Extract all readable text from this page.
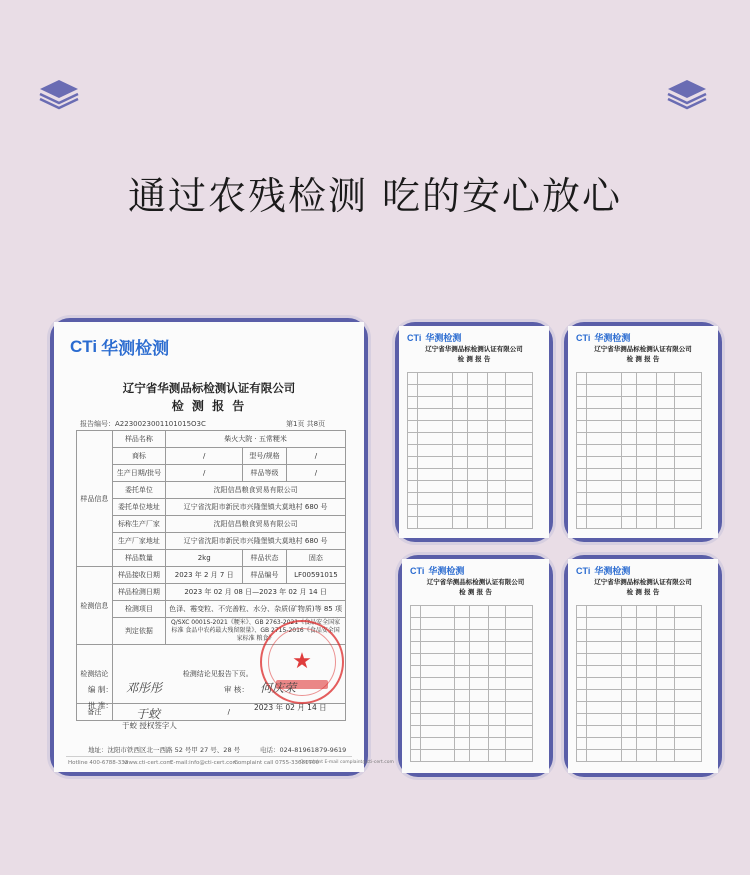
通过农残检测 吃的安心放心
CTi 华测检测
辽宁省华测品标检测认证有限公司
检 测 报 告
报告编号：A2230023001101015O3C	第1页 共8页
样品信息	样品名称	柴火大院 · 五常粳米		
	商标	/	型号/规格	/
	生产日期/批号	/	样品等级	/
	委托单位	沈阳信昌粮食贸易有限公司		
	委托单位地址	辽宁省沈阳市新民市兴隆堡镇大莫地村 680 号		
	标称生产厂家	沈阳信昌粮食贸易有限公司		
	生产厂家地址	辽宁省沈阳市新民市兴隆堡镇大莫地村 680 号		
	样品数量	2kg	样品状态	固态
检测信息	样品接收日期	2023 年 2 月 7 日	样品编号	LF00591015
	样品检测日期	2023 年 02 月 08 日—2023 年 02 月 14 日		
	检测项目	色泽、霉变粒、不完善粒、水分、杂质(矿物质)等 85 项		
	判定依据	Q/SXC 0001S-2021《粳米》、GB 2763-2021《食品安全国家标准 食品中农药最大残留限量》、GB 2715-2016《食品安全国家标准 粮食》		
检测结论	检测结论见报告下页。			
备注	/			
★
编 制： 邓彤彤	审 核： 何庆荣
批 准：
于蛟	2023 年 02 月 14 日
于蛟 授权签字人
地址：沈阳市铁西区北一西路 52 号甲 27 号、28 号	电话：024-81961879-9619
Hotline 400-6788-333
www.cti-cert.com
E-mail:info@cti-cert.com
Complaint call 0755-33681700
Complaint E-mail complaint@cti-cert.com
CTi 华测检测
辽宁省华测品标检测认证有限公司
检 测 报 告

CTi 华测检测
辽宁省华测品标检测认证有限公司
检 测 报 告

CTi 华测检测
辽宁省华测品标检测认证有限公司
检 测 报 告

CTi 华测检测
辽宁省华测品标检测认证有限公司
检 测 报 告
